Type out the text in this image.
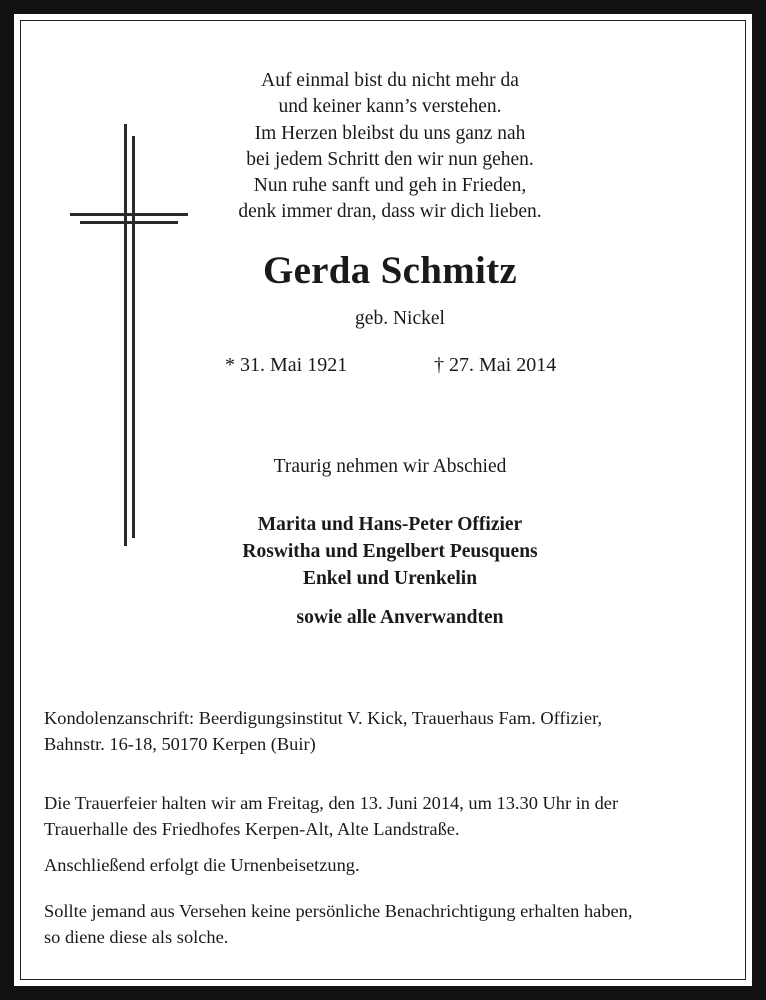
Auf einmal bist du nicht mehr da
und keiner kann’s verstehen.
Im Herzen bleibst du uns ganz nah
bei jedem Schritt den wir nun gehen.
Nun ruhe sanft und geh in Frieden,
denk immer dran, dass wir dich lieben.
Gerda Schmitz
geb. Nickel
* 31. Mai 1921	† 27. Mai 2014
Traurig nehmen wir Abschied
Marita und Hans-Peter Offizier
Roswitha und Engelbert Peusquens
Enkel und Urenkelin
sowie alle Anverwandten
Kondolenzanschrift: Beerdigungsinstitut V. Kick, Trauerhaus Fam. Offizier,
Bahnstr. 16-18, 50170 Kerpen (Buir)
Die Trauerfeier halten wir am Freitag, den 13. Juni 2014, um 13.30 Uhr in der
Trauerhalle des Friedhofes Kerpen-Alt, Alte Landstraße.
Anschließend erfolgt die Urnenbeisetzung.
Sollte jemand aus Versehen keine persönliche Benachrichtigung erhalten haben,
so diene diese als solche.
